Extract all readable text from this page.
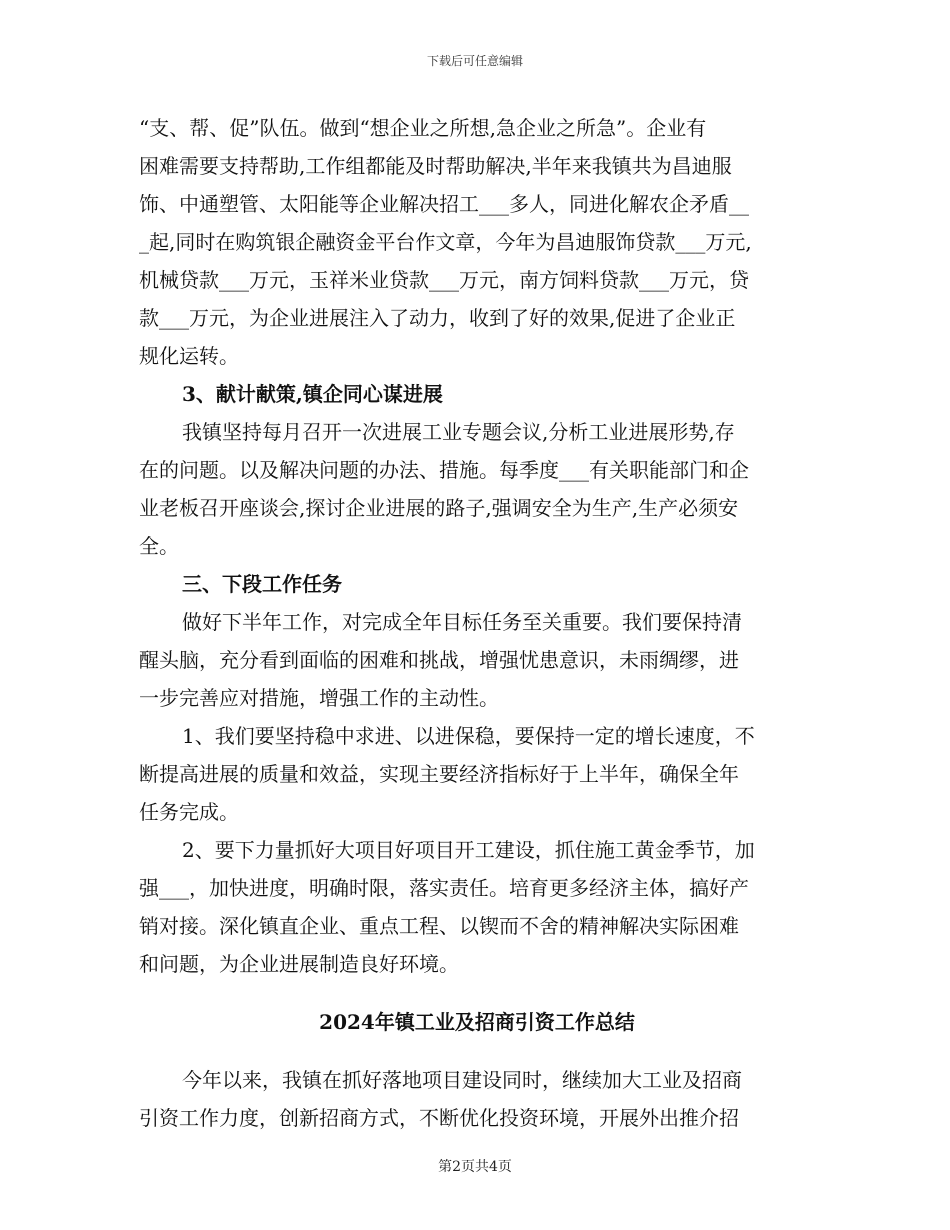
下载后可任意编辑
“支、帮、促”队伍。做到“想企业之所想,急企业之所急”。企业有
困难需要支持帮助,工作组都能及时帮助解决,半年来我镇共为昌迪服
饰、中通塑管、太阳能等企业解决招工___多人，同进化解农企矛盾__
_起,同时在购筑银企融资金平台作文章，今年为昌迪服饰贷款___万元,
机械贷款___万元，玉祥米业贷款___万元，南方饲料贷款___万元，贷
款___万元，为企业进展注入了动力，收到了好的效果,促进了企业正
规化运转。
3、献计献策,镇企同心谋进展
我镇坚持每月召开一次进展工业专题会议,分析工业进展形势,存
在的问题。以及解决问题的办法、措施。每季度___有关职能部门和企
业老板召开座谈会,探讨企业进展的路子,强调安全为生产,生产必须安
全。
三、下段工作任务
做好下半年工作，对完成全年目标任务至关重要。我们要保持清
醒头脑，充分看到面临的困难和挑战，增强忧患意识，未雨绸缪，进
一步完善应对措施，增强工作的主动性。
1、我们要坚持稳中求进、以进保稳，要保持一定的增长速度，不
断提高进展的质量和效益，实现主要经济指标好于上半年，确保全年
任务完成。
2、要下力量抓好大项目好项目开工建设，抓住施工黄金季节，加
强___，加快进度，明确时限，落实责任。培育更多经济主体，搞好产
销对接。深化镇直企业、重点工程、以锲而不舍的精神解决实际困难
和问题，为企业进展制造良好环境。
2024年镇工业及招商引资工作总结
今年以来，我镇在抓好落地项目建设同时，继续加大工业及招商
引资工作力度，创新招商方式，不断优化投资环境，开展外出推介招
第2页共4页
